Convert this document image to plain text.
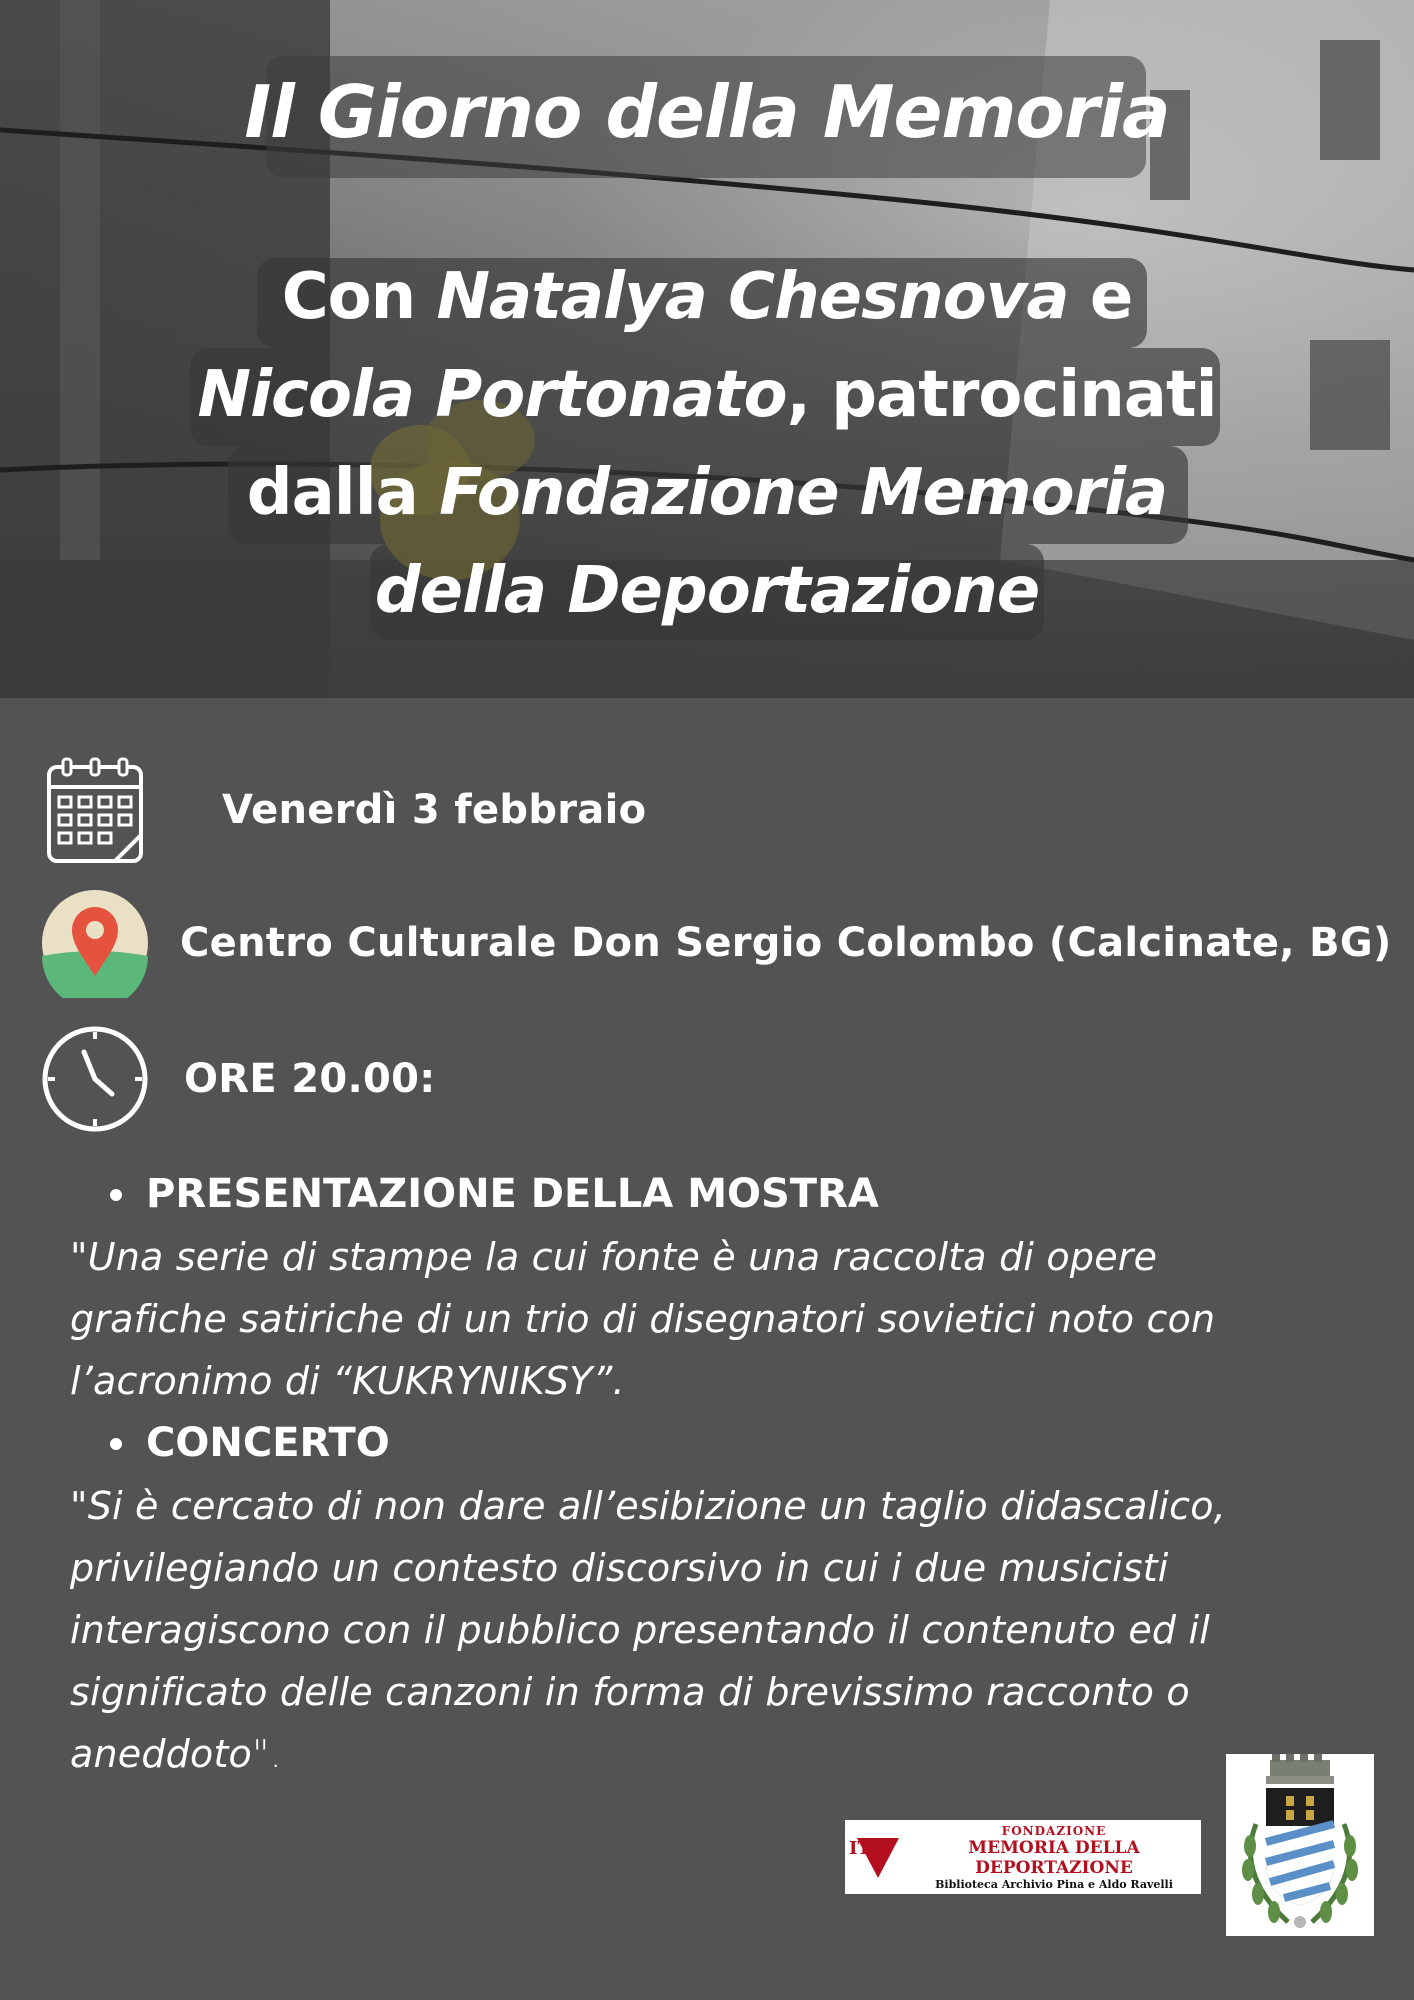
Il Giorno della Memoria
Con Natalya Chesnova e
Nicola Portonato, patrocinati
dalla Fondazione Memoria
della Deportazione
Venerdì 3 febbraio
Centro Culturale Don Sergio Colombo (Calcinate, BG)
ORE 20.00:
PRESENTAZIONE DELLA MOSTRA
"Una serie di stampe la cui fonte è una raccolta di opere grafiche satiriche di un trio di disegnatori sovietici noto con l’acronimo di “KUKRYNIKSY”.
CONCERTO
"Si è cercato di non dare all’esibizione un taglio didascalico, privilegiando un contesto discorsivo in cui i due musicisti interagiscono con il pubblico presentando il contenuto ed il significato delle canzoni in forma di brevissimo racconto o aneddoto".
IT
FONDAZIONE
MEMORIA DELLA DEPORTAZIONE
Biblioteca Archivio Pina e Aldo Ravelli
